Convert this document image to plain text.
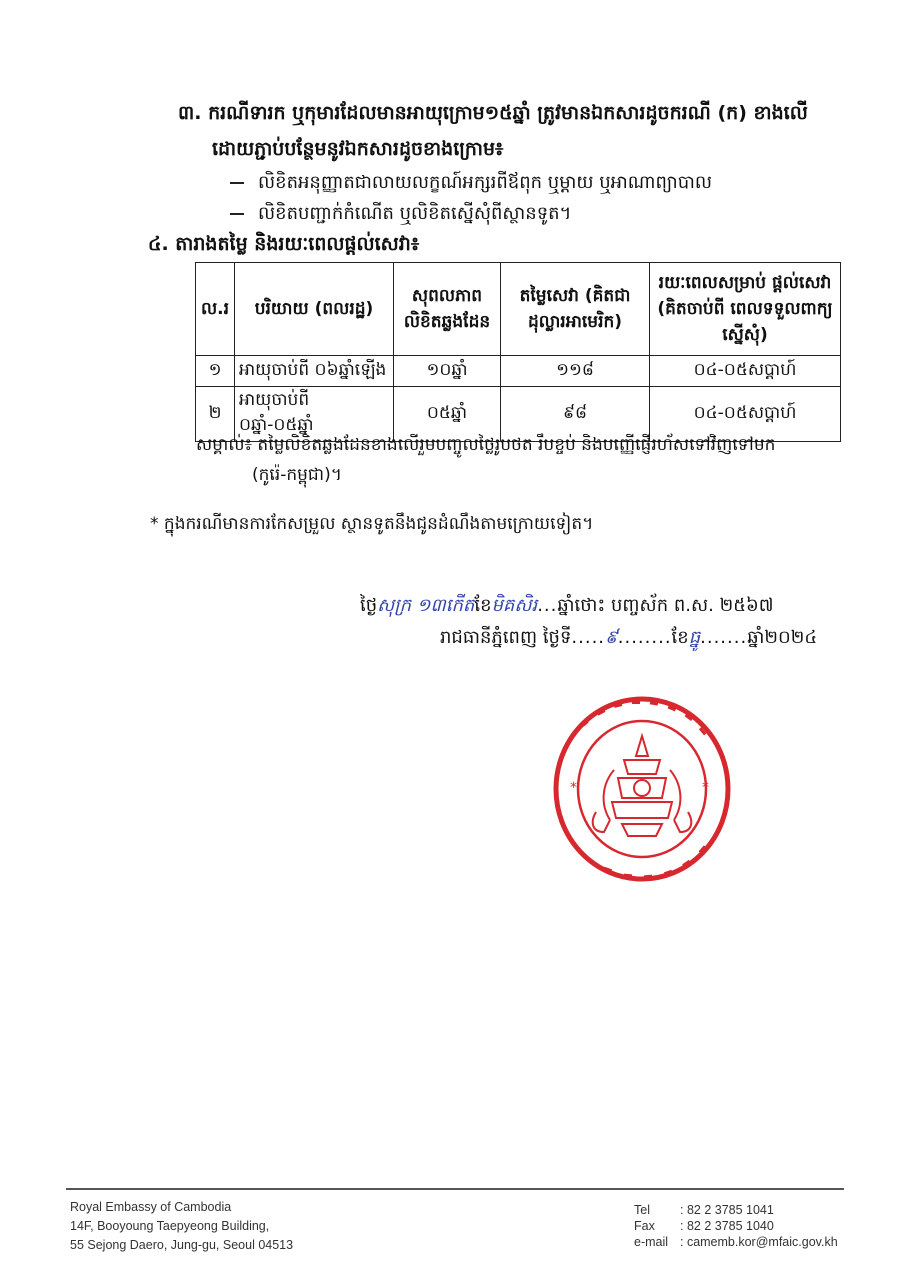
៣. ករណីទារក ឬកុមារដែលមានអាយុក្រោម១៥ឆ្នាំ ត្រូវមានឯកសារដូចករណី (ក) ខាងលើ
ដោយភ្ជាប់បន្ថែមនូវឯកសារដូចខាងក្រោម៖
លិខិតអនុញ្ញាតជាលាយលក្ខណ៍អក្សរពីឪពុក ឬម្ដាយ ឬអាណាព្យាបាល
លិខិតបញ្ជាក់កំណើត ឬលិខិតស្នើសុំពីស្ថានទូត។
៤. តារាងតម្លៃ និងរយៈពេលផ្ដល់សេវា៖
ល.រ	បរិយាយ (ពលរដ្ឋ)	សុពលភាព លិខិតឆ្លងដែន	តម្លៃសេវា (គិតជាដុល្លារអាមេរិក)	រយៈពេលសម្រាប់ ផ្ដល់សេវា (គិតចាប់ពី ពេលទទួលពាក្យស្នើសុំ)
១	អាយុចាប់ពី ០៦ឆ្នាំឡើង	១០ឆ្នាំ	១១៨	០៤-០៥សប្ដាហ៍
២	អាយុចាប់ពី ០ឆ្នាំ-០៥ឆ្នាំ	០៥ឆ្នាំ	៩៨	០៤-០៥សប្ដាហ៍
សម្គាល់៖ តម្លៃលិខិតឆ្លងដែនខាងលើរួមបញ្ចូលថ្លៃរូបថត រឹបខ្ចប់ និងបញ្ញើផ្ញើរហ័សទៅវិញទៅមក
(កូរ៉េ-កម្ពុជា)។
* ក្នុងករណីមានការកែសម្រួល ស្ថានទូតនឹងជូនដំណឹងតាមក្រោយទៀត។
ថ្ងៃសុក្រ ១៣កើតខែមិគសិរ...ឆ្នាំថោះ បញ្ចស័ក ព.ស. ២៥៦៧
រាជធានីភ្នំពេញ ថ្ងៃទី.....៩........ខែធ្នូ.......ឆ្នាំ២០២៤
*	*
Royal Embassy of Cambodia
14F, Booyoung Taepyeong Building,
55 Sejong Daero, Jung-gu, Seoul 04513
Tel : 82 2 3785 1041
Fax : 82 2 3785 1040
e-mail : camemb.kor@mfaic.gov.kh
